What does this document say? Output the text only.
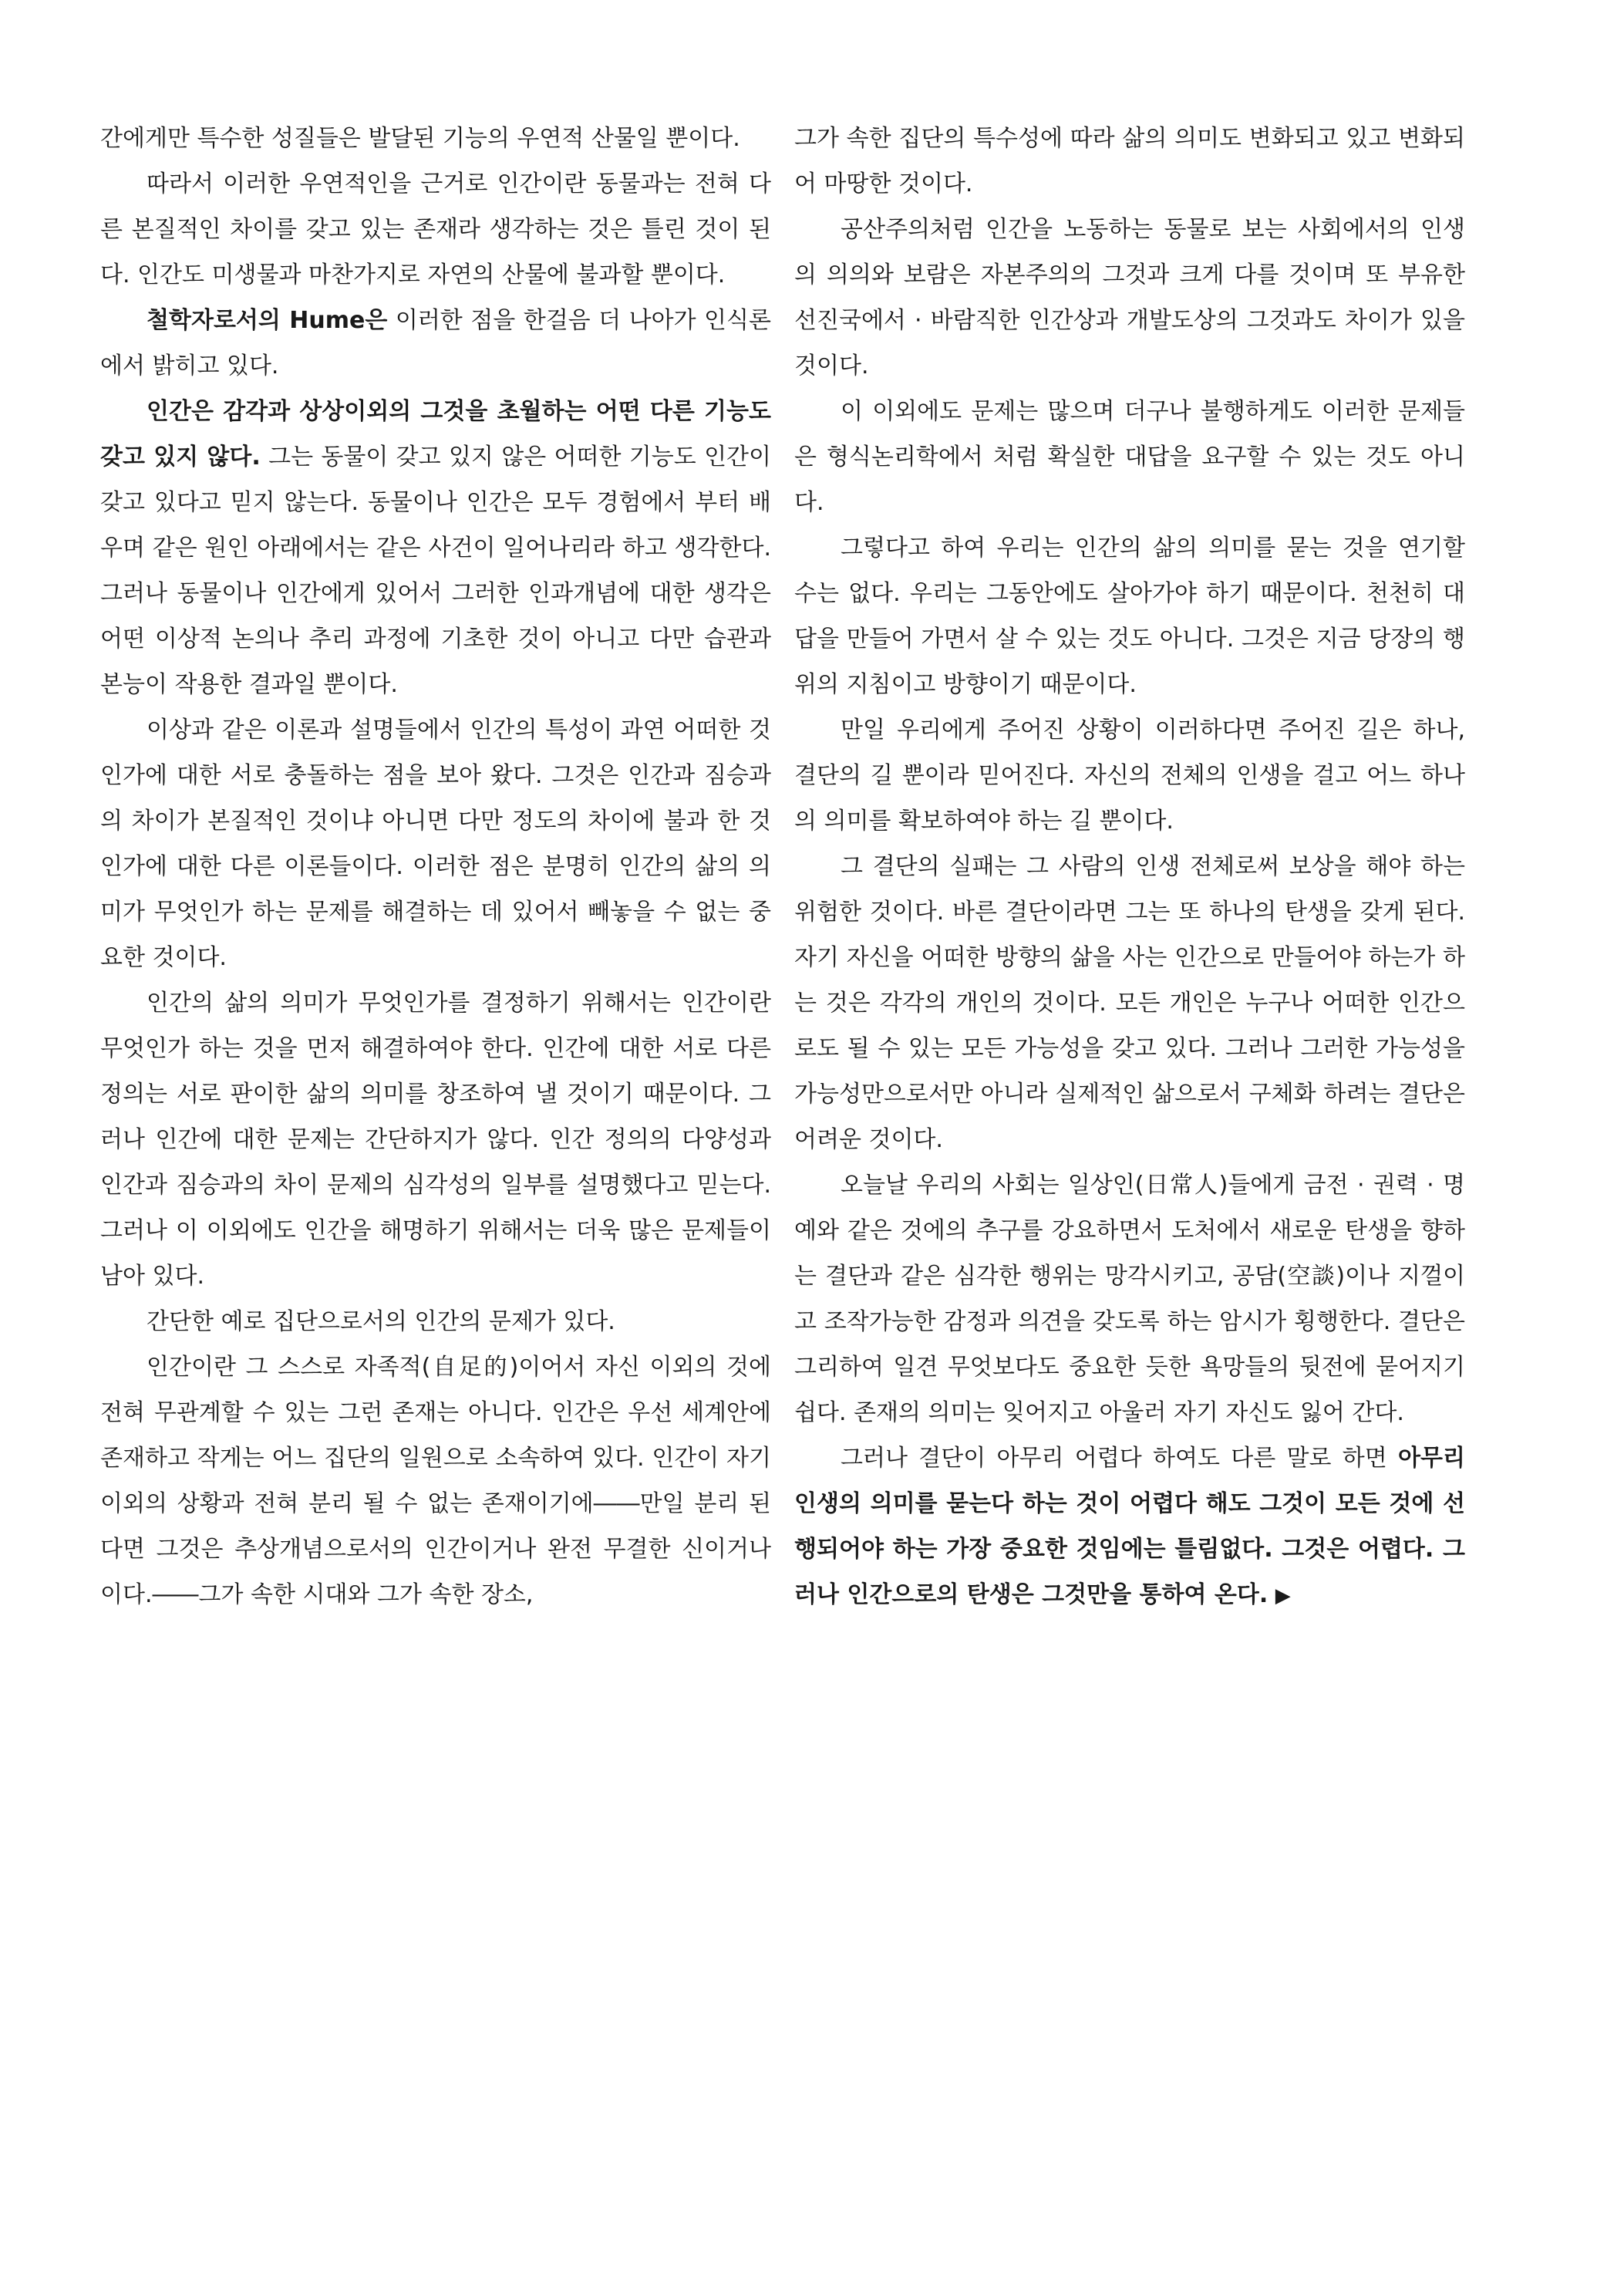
간에게만 특수한 성질들은 발달된 기능의 우연적 산물일 뿐이다.

따라서 이러한 우연적인을 근거로 인간이란 동물과는 전혀 다른 본질적인 차이를 갖고 있는 존재라 생각하는 것은 틀린 것이 된다. 인간도 미생물과 마찬가지로 자연의 산물에 불과할 뿐이다.

철학자로서의 Hume은 이러한 점을 한걸음 더 나아가 인식론에서 밝히고 있다.

인간은 감각과 상상이외의 그것을 초월하는 어떤 다른 기능도 갖고 있지 않다. 그는 동물이 갖고 있지 않은 어떠한 기능도 인간이 갖고 있다고 믿지 않는다. 동물이나 인간은 모두 경험에서 부터 배우며 같은 원인 아래에서는 같은 사건이 일어나리라 하고 생각한다. 그러나 동물이나 인간에게 있어서 그러한 인과개념에 대한 생각은 어떤 이상적 논의나 추리 과정에 기초한 것이 아니고 다만 습관과 본능이 작용한 결과일 뿐이다.

이상과 같은 이론과 설명들에서 인간의 특성이 과연 어떠한 것인가에 대한 서로 충돌하는 점을 보아 왔다. 그것은 인간과 짐승과의 차이가 본질적인 것이냐 아니면 다만 정도의 차이에 불과 한 것인가에 대한 다른 이론들이다. 이러한 점은 분명히 인간의 삶의 의미가 무엇인가 하는 문제를 해결하는 데 있어서 빼놓을 수 없는 중요한 것이다.

인간의 삶의 의미가 무엇인가를 결정하기 위해서는 인간이란 무엇인가 하는 것을 먼저 해결하여야 한다. 인간에 대한 서로 다른 정의는 서로 판이한 삶의 의미를 창조하여 낼 것이기 때문이다. 그러나 인간에 대한 문제는 간단하지가 않다. 인간 정의의 다양성과 인간과 짐승과의 차이 문제의 심각성의 일부를 설명했다고 믿는다. 그러나 이 이외에도 인간을 해명하기 위해서는 더욱 많은 문제들이 남아 있다.

간단한 예로 집단으로서의 인간의 문제가 있다.

인간이란 그 스스로 자족적(自足的)이어서 자신 이외의 것에 전혀 무관계할 수 있는 그런 존재는 아니다. 인간은 우선 세계안에 존재하고 작게는 어느 집단의 일원으로 소속하여 있다. 인간이 자기 이외의 상황과 전혀 분리 될 수 없는 존재이기에――만일 분리 된다면 그것은 추상개념으로서의 인간이거나 완전 무결한 신이거나 이다.――그가 속한 시대와 그가 속한 장소,

그가 속한 집단의 특수성에 따라 삶의 의미도 변화되고 있고 변화되어 마땅한 것이다.

공산주의처럼 인간을 노동하는 동물로 보는 사회에서의 인생의 의의와 보람은 자본주의의 그것과 크게 다를 것이며 또 부유한 선진국에서 · 바람직한 인간상과 개발도상의 그것과도 차이가 있을 것이다.

이 이외에도 문제는 많으며 더구나 불행하게도 이러한 문제들은 형식논리학에서 처럼 확실한 대답을 요구할 수 있는 것도 아니다.

그렇다고 하여 우리는 인간의 삶의 의미를 묻는 것을 연기할 수는 없다. 우리는 그동안에도 살아가야 하기 때문이다. 천천히 대답을 만들어 가면서 살 수 있는 것도 아니다. 그것은 지금 당장의 행위의 지침이고 방향이기 때문이다.

만일 우리에게 주어진 상황이 이러하다면 주어진 길은 하나, 결단의 길 뿐이라 믿어진다. 자신의 전체의 인생을 걸고 어느 하나의 의미를 확보하여야 하는 길 뿐이다.

그 결단의 실패는 그 사람의 인생 전체로써 보상을 해야 하는 위험한 것이다. 바른 결단이라면 그는 또 하나의 탄생을 갖게 된다. 자기 자신을 어떠한 방향의 삶을 사는 인간으로 만들어야 하는가 하는 것은 각각의 개인의 것이다. 모든 개인은 누구나 어떠한 인간으로도 될 수 있는 모든 가능성을 갖고 있다. 그러나 그러한 가능성을 가능성만으로서만 아니라 실제적인 삶으로서 구체화 하려는 결단은 어려운 것이다.

오늘날 우리의 사회는 일상인(日常人)들에게 금전 · 권력 · 명예와 같은 것에의 추구를 강요하면서 도처에서 새로운 탄생을 향하는 결단과 같은 심각한 행위는 망각시키고, 공담(空談)이나 지껄이고 조작가능한 감정과 의견을 갖도록 하는 암시가 횡행한다. 결단은 그리하여 일견 무엇보다도 중요한 듯한 욕망들의 뒷전에 묻어지기 쉽다. 존재의 의미는 잊어지고 아울러 자기 자신도 잃어 간다.

그러나 결단이 아무리 어렵다 하여도 다른 말로 하면 아무리 인생의 의미를 묻는다 하는 것이 어렵다 해도 그것이 모든 것에 선행되어야 하는 가장 중요한 것임에는 틀림없다. 그것은 어렵다. 그러나 인간으로의 탄생은 그것만을 통하여 온다. ▶
